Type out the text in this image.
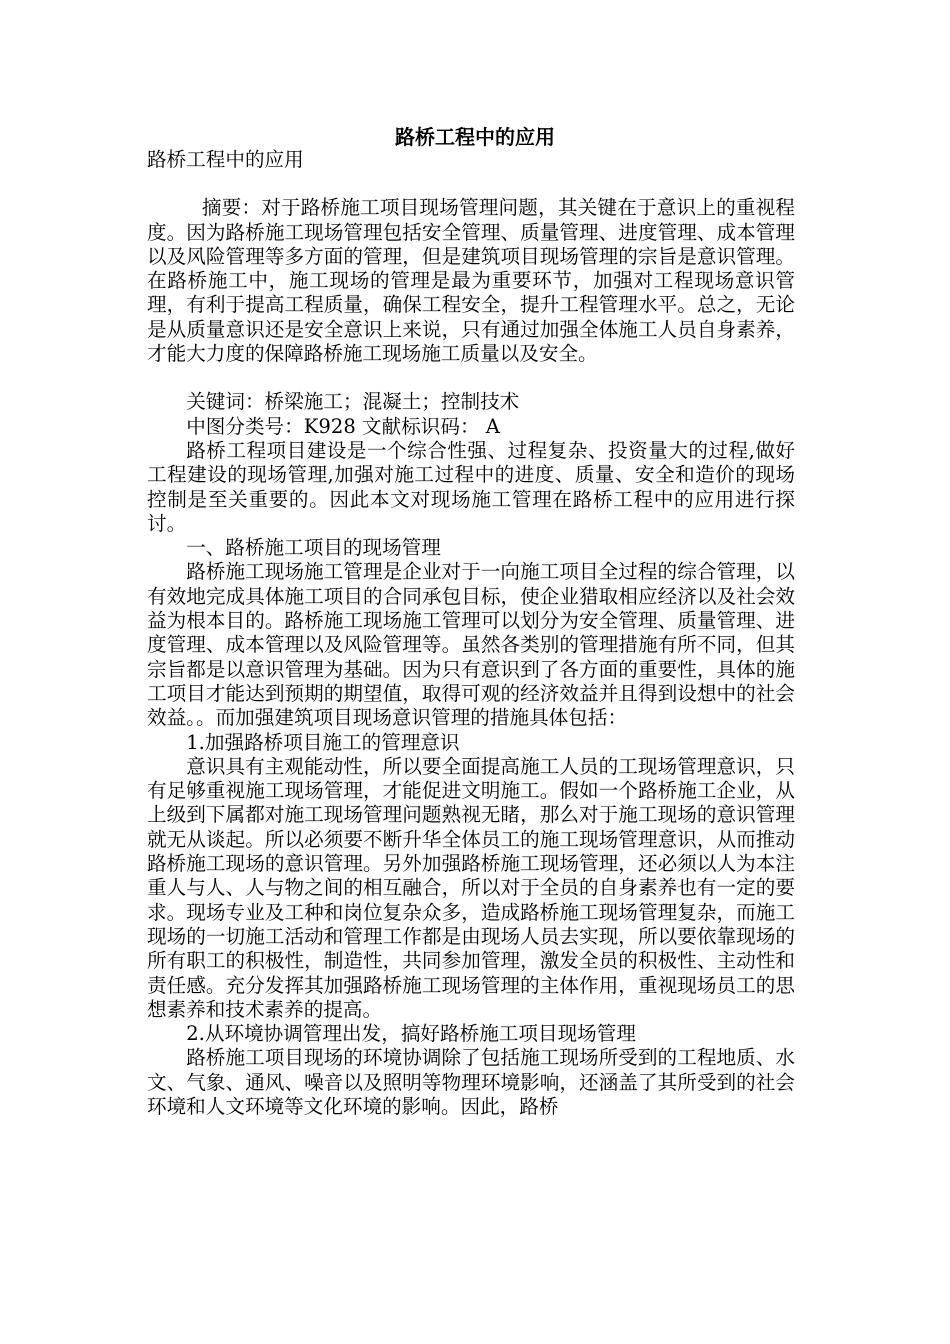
路桥工程中的应用

路桥工程中的应用

摘要：对于路桥施工项目现场管理问题，其关键在于意识上的重视程度。因为路桥施工现场管理包括安全管理、质量管理、进度管理、成本管理以及风险管理等多方面的管理，但是建筑项目现场管理的宗旨是意识管理。在路桥施工中，施工现场的管理是最为重要环节，加强对工程现场意识管理，有利于提高工程质量，确保工程安全，提升工程管理水平。总之，无论是从质量意识还是安全意识上来说，只有通过加强全体施工人员自身素养，才能大力度的保障路桥施工现场施工质量以及安全。

关键词：桥梁施工；混凝土；控制技术

中图分类号：K928 文献标识码： A

路桥工程项目建设是一个综合性强、过程复杂、投资量大的过程,做好工程建设的现场管理,加强对施工过程中的进度、质量、安全和造价的现场控制是至关重要的。因此本文对现场施工管理在路桥工程中的应用进行探讨。

一、路桥施工项目的现场管理

路桥施工现场施工管理是企业对于一向施工项目全过程的综合管理，以有效地完成具体施工项目的合同承包目标，使企业猎取相应经济以及社会效益为根本目的。路桥施工现场施工管理可以划分为安全管理、质量管理、进度管理、成本管理以及风险管理等。虽然各类别的管理措施有所不同，但其宗旨都是以意识管理为基础。因为只有意识到了各方面的重要性，具体的施工项目才能达到预期的期望值，取得可观的经济效益并且得到设想中的社会效益。。而加强建筑项目现场意识管理的措施具体包括：

1.加强路桥项目施工的管理意识

意识具有主观能动性，所以要全面提高施工人员的工现场管理意识，只有足够重视施工现场管理，才能促进文明施工。假如一个路桥施工企业，从上级到下属都对施工现场管理问题熟视无睹，那么对于施工现场的意识管理就无从谈起。所以必须要不断升华全体员工的施工现场管理意识，从而推动路桥施工现场的意识管理。另外加强路桥施工现场管理，还必须以人为本注重人与人、人与物之间的相互融合，所以对于全员的自身素养也有一定的要求。现场专业及工种和岗位复杂众多，造成路桥施工现场管理复杂，而施工现场的一切施工活动和管理工作都是由现场人员去实现，所以要依靠现场的所有职工的积极性，制造性，共同参加管理，激发全员的积极性、主动性和责任感。充分发挥其加强路桥施工现场管理的主体作用，重视现场员工的思想素养和技术素养的提高。

2.从环境协调管理出发，搞好路桥施工项目现场管理

路桥施工项目现场的环境协调除了包括施工现场所受到的工程地质、水文、气象、通风、噪音以及照明等物理环境影响，还涵盖了其所受到的社会环境和人文环境等文化环境的影响。因此，路桥
